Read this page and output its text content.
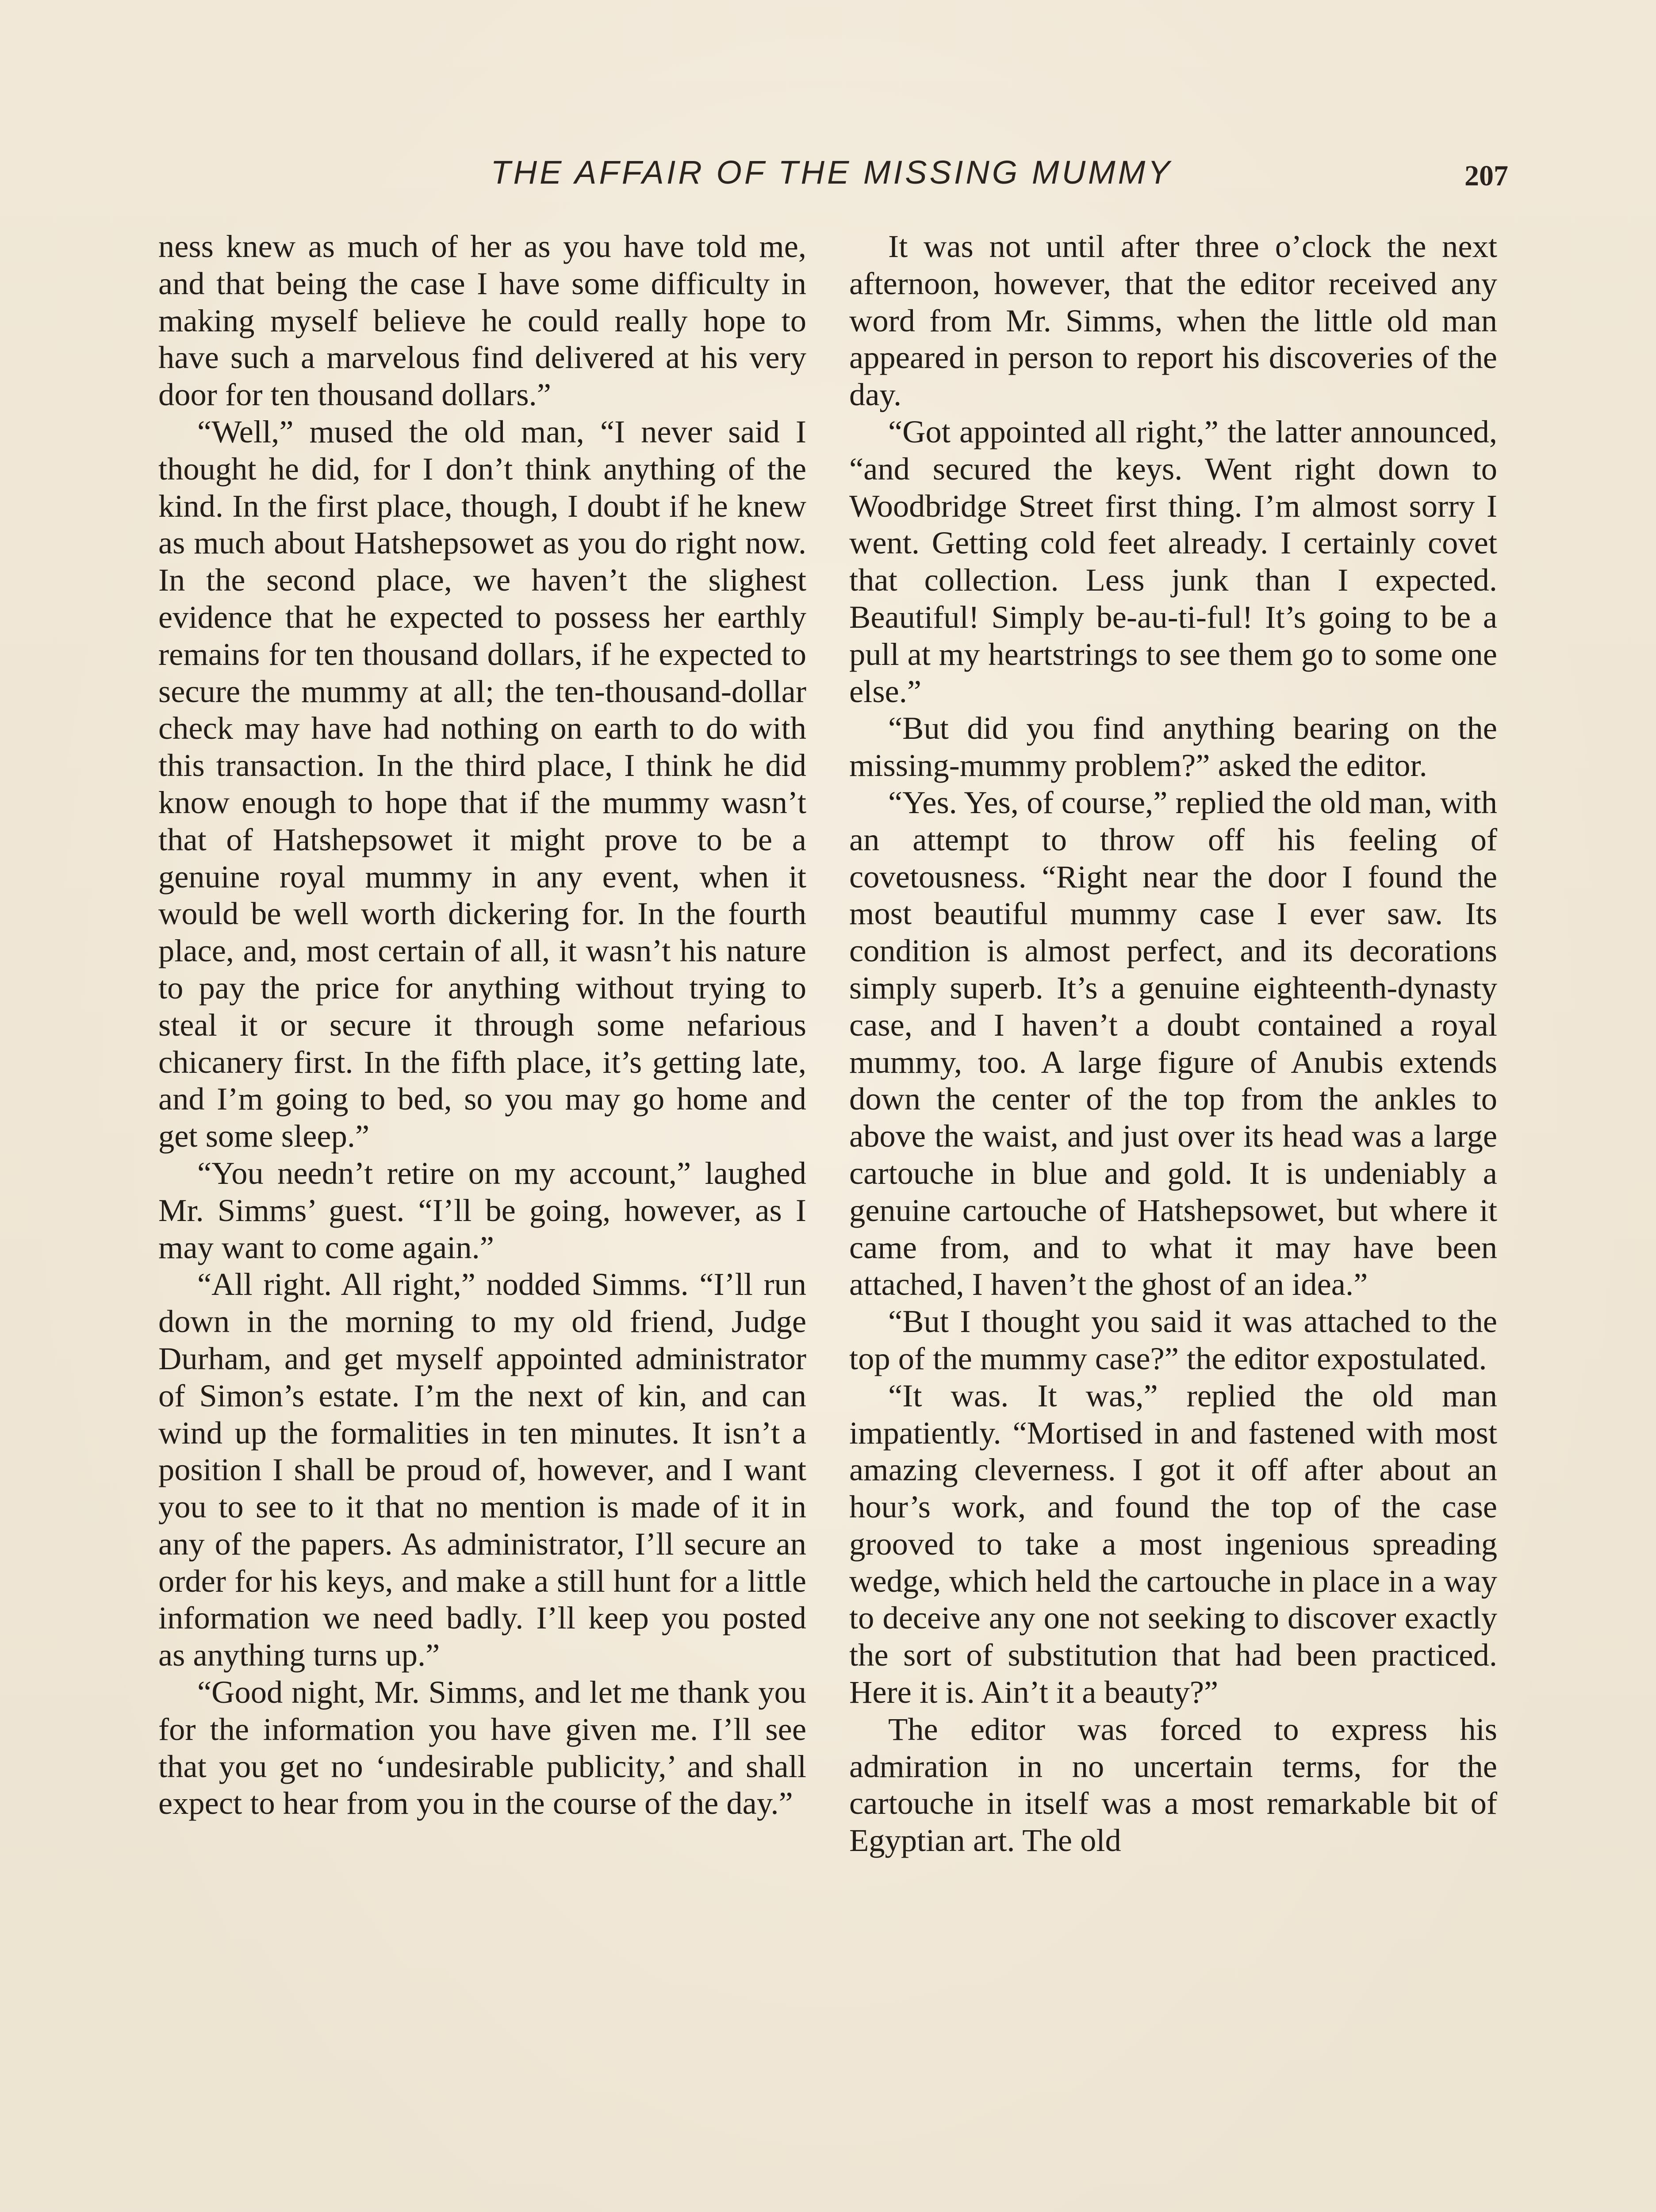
THE AFFAIR OF THE MISSING MUMMY	207

ness knew as much of her as you have told me, and that being the case I have some difficulty in making myself believe he could really hope to have such a marvelous find delivered at his very door for ten thousand dollars.”

“Well,” mused the old man, “I never said I thought he did, for I don’t think anything of the kind. In the first place, though, I doubt if he knew as much about Hatshepsowet as you do right now. In the second place, we haven’t the slighest evidence that he expected to possess her earthly remains for ten thousand dollars, if he expected to secure the mummy at all; the ten-thousand-dollar check may have had nothing on earth to do with this transaction. In the third place, I think he did know enough to hope that if the mummy wasn’t that of Hatshepsowet it might prove to be a genuine royal mummy in any event, when it would be well worth dickering for. In the fourth place, and, most certain of all, it wasn’t his nature to pay the price for anything without trying to steal it or secure it through some nefarious chicanery first. In the fifth place, it’s getting late, and I’m going to bed, so you may go home and get some sleep.”

“You needn’t retire on my account,” laughed Mr. Simms’ guest. “I’ll be going, however, as I may want to come again.”

“All right. All right,” nodded Simms. “I’ll run down in the morning to my old friend, Judge Durham, and get myself appointed administrator of Simon’s estate. I’m the next of kin, and can wind up the formalities in ten minutes. It isn’t a position I shall be proud of, however, and I want you to see to it that no mention is made of it in any of the papers. As administrator, I’ll secure an order for his keys, and make a still hunt for a little information we need badly. I’ll keep you posted as anything turns up.”

“Good night, Mr. Simms, and let me thank you for the information you have given me. I’ll see that you get no ‘undesirable publicity,’ and shall expect to hear from you in the course of the day.”

It was not until after three o’clock the next afternoon, however, that the editor received any word from Mr. Simms, when the little old man appeared in person to report his discoveries of the day.

“Got appointed all right,” the latter announced, “and secured the keys. Went right down to Woodbridge Street first thing. I’m almost sorry I went. Getting cold feet already. I certainly covet that collection. Less junk than I expected. Beautiful! Simply be-au-ti-ful! It’s going to be a pull at my heartstrings to see them go to some one else.”

“But did you find anything bearing on the missing-mummy problem?” asked the editor.

“Yes. Yes, of course,” replied the old man, with an attempt to throw off his feeling of covetousness. “Right near the door I found the most beautiful mummy case I ever saw. Its condition is almost perfect, and its decorations simply superb. It’s a genuine eighteenth-dynasty case, and I haven’t a doubt contained a royal mummy, too. A large figure of Anubis extends down the center of the top from the ankles to above the waist, and just over its head was a large cartouche in blue and gold. It is undeniably a genuine cartouche of Hatshepsowet, but where it came from, and to what it may have been attached, I haven’t the ghost of an idea.”

“But I thought you said it was attached to the top of the mummy case?” the editor expostulated.

“It was. It was,” replied the old man impatiently. “Mortised in and fastened with most amazing cleverness. I got it off after about an hour’s work, and found the top of the case grooved to take a most ingenious spreading wedge, which held the cartouche in place in a way to deceive any one not seeking to discover exactly the sort of substitution that had been practiced. Here it is. Ain’t it a beauty?”

The editor was forced to express his admiration in no uncertain terms, for the cartouche in itself was a most remarkable bit of Egyptian art. The old
